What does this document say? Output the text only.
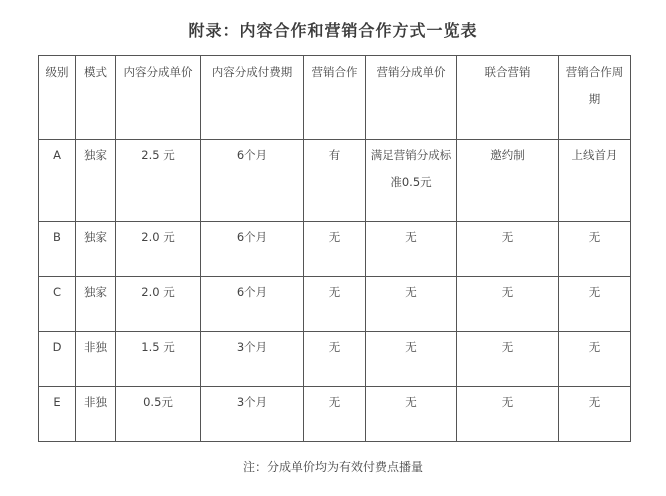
附录：内容合作和营销合作方式一览表
级别	模式	内容分成单价	内容分成付费期	营销合作	营销分成单价	联合营销	营销合作周期
A	独家	2.5 元	6个月	有	满足营销分成标准0.5元	邀约制	上线首月
B	独家	2.0 元	6个月	无	无	无	无
C	独家	2.0 元	6个月	无	无	无	无
D	非独	1.5 元	3个月	无	无	无	无
E	非独	0.5元	3个月	无	无	无	无
注：分成单价均为有效付费点播量
